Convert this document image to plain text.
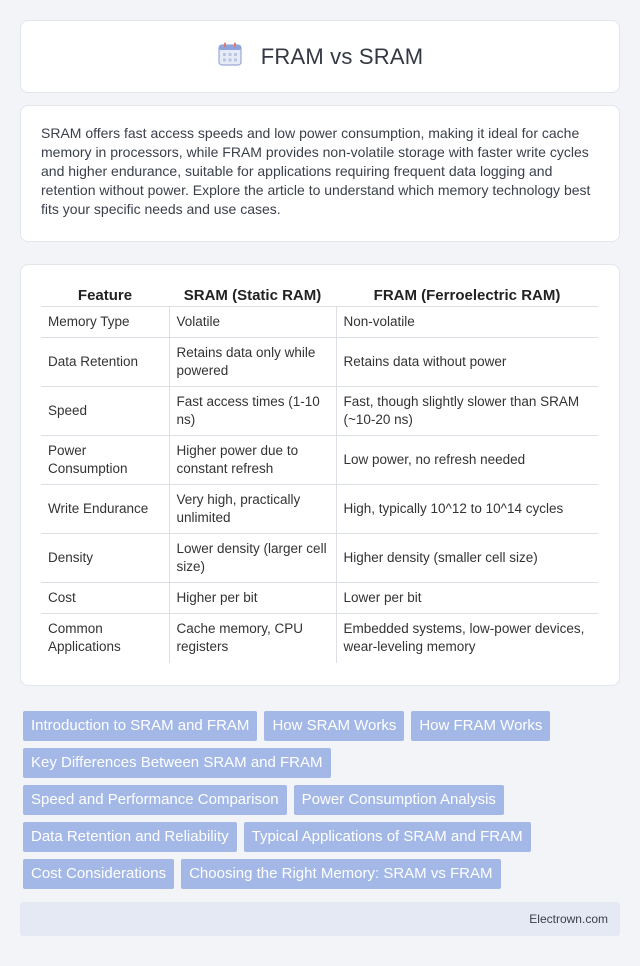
FRAM vs SRAM

SRAM offers fast access speeds and low power consumption, making it ideal for cache memory in processors, while FRAM provides non-volatile storage with faster write cycles and higher endurance, suitable for applications requiring frequent data logging and retention without power. Explore the article to understand which memory technology best fits your specific needs and use cases.

Feature	SRAM (Static RAM)	FRAM (Ferroelectric RAM)
Memory Type	Volatile	Non-volatile
Data Retention	Retains data only while powered	Retains data without power
Speed	Fast access times (1-10 ns)	Fast, though slightly slower than SRAM (~10-20 ns)
Power Consumption	Higher power due to constant refresh	Low power, no refresh needed
Write Endurance	Very high, practically unlimited	High, typically 10^12 to 10^14 cycles
Density	Lower density (larger cell size)	Higher density (smaller cell size)
Cost	Higher per bit	Lower per bit
Common Applications	Cache memory, CPU registers	Embedded systems, low-power devices, wear-leveling memory
Introduction to SRAM and FRAM	How SRAM Works	How FRAM Works
Key Differences Between SRAM and FRAM
Speed and Performance Comparison	Power Consumption Analysis
Data Retention and Reliability	Typical Applications of SRAM and FRAM
Cost Considerations	Choosing the Right Memory: SRAM vs FRAM
Electrown.com
